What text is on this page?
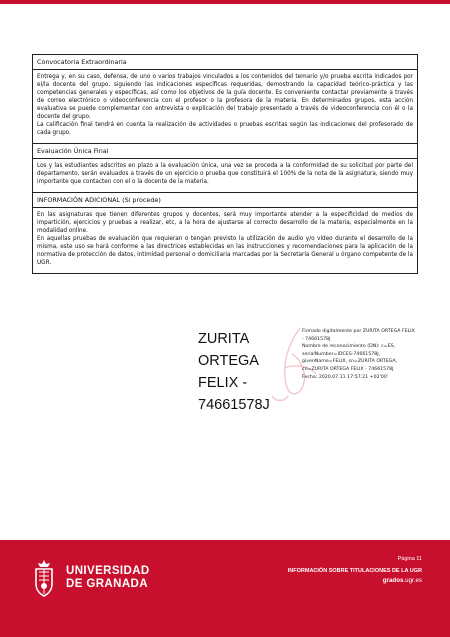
Convocatoria Extraordinaria

Entrega y, en su caso, defensa, de uno o varios trabajos vinculados a los contenidos del temario y/o prueba escrita indicados por el/la docente del grupo, siguiendo las indicaciones específicas requeridas, demostrando la capacidad teórico-práctica y las competencias generales y específicas, así como los objetivos de la guía docente. Es conveniente contactar previamente a través de correo electrónico o videoconferencia con el profesor o la profesora de la materia. En determinados grupos, esta acción evaluativa se puede complementar con entrevista o explicación del trabajo presentado a través de videoconferencia con él o la docente del grupo.

La calificación final tendrá en cuenta la realización de actividades o pruebas escritas según las indicaciones del profesorado de cada grupo.

Evaluación Única Final

Los y las estudiantes adscritos en plazo a la evaluación única, una vez se proceda a la conformidad de su solicitud por parte del departamento, serán evaluados a través de un ejercicio o prueba que constituirá el 100% de la nota de la asignatura, siendo muy importante que contacten con el o la docente de la materia.

INFORMACIÓN ADICIONAL (Si procede)

En las asignaturas que tienen diferentes grupos y docentes, será muy importante atender a la especificidad de medios de impartición, ejercicios y pruebas a realizar, etc, a la hora de ajustarse al correcto desarrollo de la materia, especialmente en la modalidad online.

En aquellas pruebas de evaluación que requieran o tengan previsto la utilización de audio y/o vídeo durante el desarrollo de la misma, este uso se hará conforme a las directrices establecidas en las instrucciones y recomendaciones para la aplicación de la normativa de protección de datos, intimidad personal o domiciliaria marcadas por la Secretaría General u órgano competente de la UGR.

ZURITA ORTEGA FELIX - 74661578J
Firmado digitalmente por ZURITA ORTEGA FELIX - 74661578J
Nombre de reconocimiento (DN): c=ES, serialNumber=IDCES-74661578J, givenName=FELIX, sn=ZURITA ORTEGA, cn=ZURITA ORTEGA FELIX - 74661578J
Fecha: 2020.07.11 17:57:21 +02'00'
UNIVERSIDAD
DE GRANADA
Página 11
INFORMACIÓN SOBRE TITULACIONES DE LA UGR
grados.ugr.es
